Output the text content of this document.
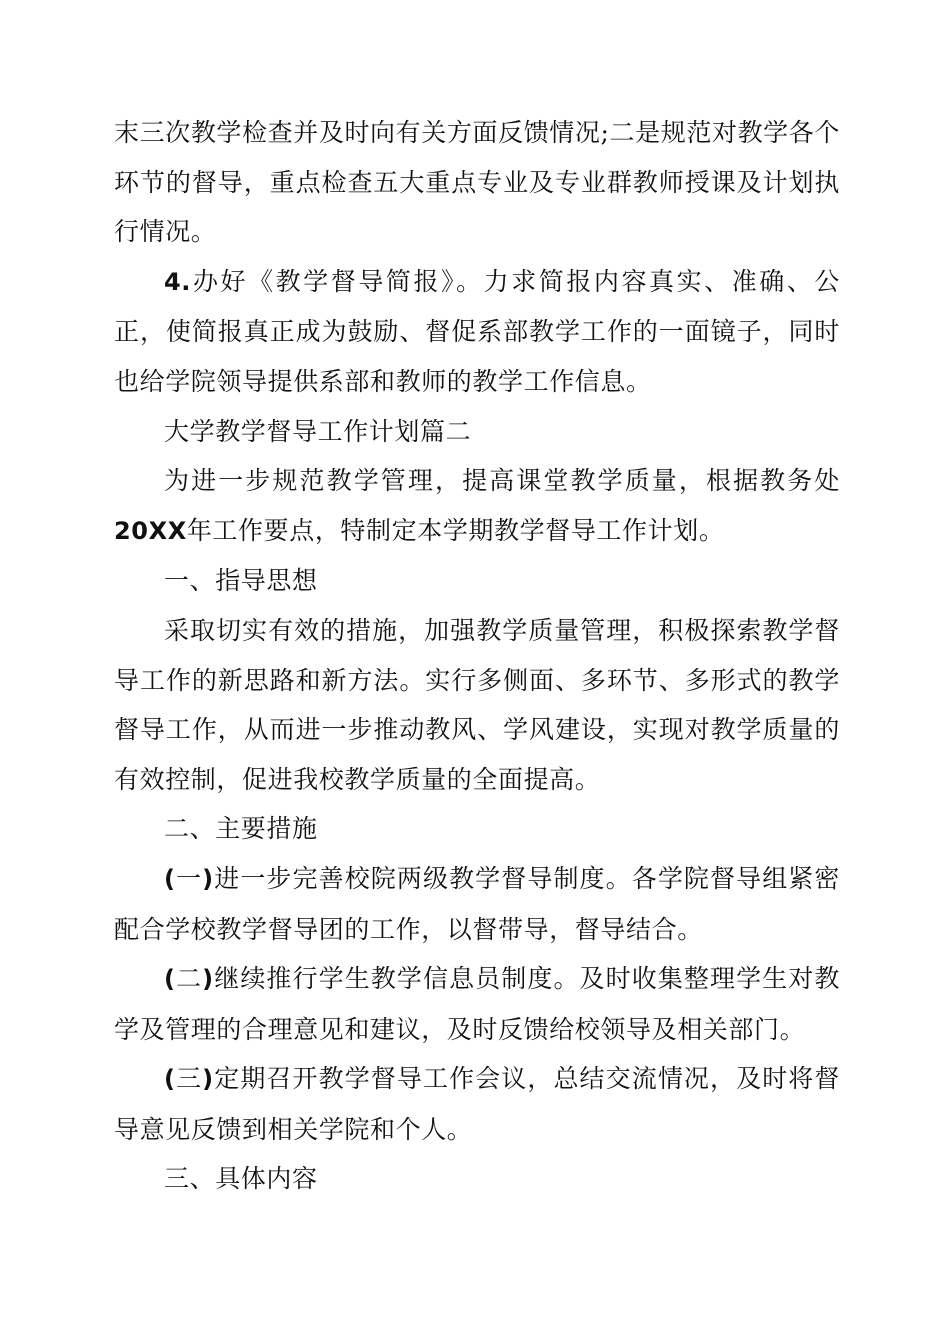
末三次教学检查并及时向有关方面反馈情况;二是规范对教学各个环节的督导，重点检查五大重点专业及专业群教师授课及计划执行情况。

4.办好《教学督导简报》。力求简报内容真实、准确、公正，使简报真正成为鼓励、督促系部教学工作的一面镜子，同时也给学院领导提供系部和教师的教学工作信息。

大学教学督导工作计划篇二

为进一步规范教学管理，提高课堂教学质量，根据教务处20XX年工作要点，特制定本学期教学督导工作计划。

一、指导思想

采取切实有效的措施，加强教学质量管理，积极探索教学督导工作的新思路和新方法。实行多侧面、多环节、多形式的教学督导工作，从而进一步推动教风、学风建设，实现对教学质量的有效控制，促进我校教学质量的全面提高。

二、主要措施

(一)进一步完善校院两级教学督导制度。各学院督导组紧密配合学校教学督导团的工作，以督带导，督导结合。

(二)继续推行学生教学信息员制度。及时收集整理学生对教学及管理的合理意见和建议，及时反馈给校领导及相关部门。

(三)定期召开教学督导工作会议，总结交流情况，及时将督导意见反馈到相关学院和个人。

三、具体内容
